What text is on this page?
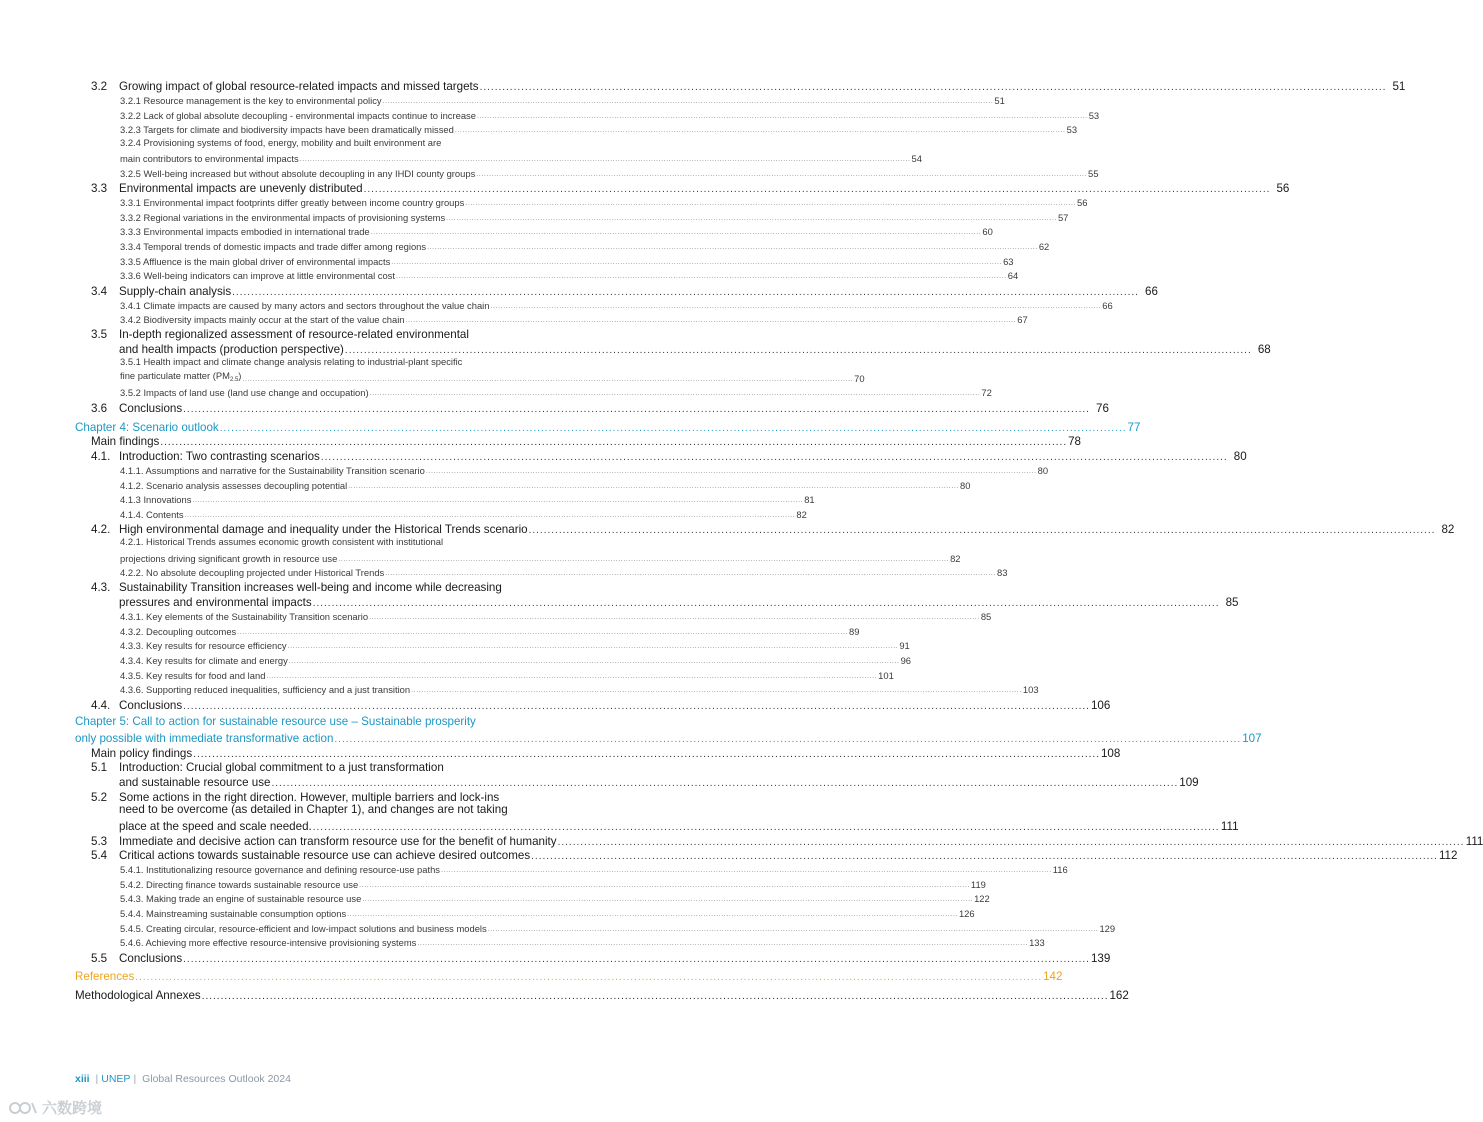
3.2	Growing impact of global resource-related impacts and missed targets .....	51
3.2.1 Resource management is the key to environmental policy .....	51
3.2.2 Lack of global absolute decoupling - environmental impacts continue to increase .....	53
3.2.3 Targets for climate and biodiversity impacts have been dramatically missed .....	53
3.2.4 Provisioning systems of food, energy, mobility and built environment are
main contributors to environmental impacts .....	54
3.2.5 Well-being increased but without absolute decoupling in any IHDI county groups .....	55
3.3	Environmental impacts are unevenly distributed .....	56
3.3.1 Environmental impact footprints differ greatly between income country groups .....	56
3.3.2 Regional variations in the environmental impacts of provisioning systems .....	57
3.3.3 Environmental impacts embodied in international trade .....	60
3.3.4 Temporal trends of domestic impacts and trade differ among regions .....	62
3.3.5 Affluence is the main global driver of environmental impacts .....	63
3.3.6 Well-being indicators can improve at little environmental cost .....	64
3.4	Supply-chain analysis .....	66
3.4.1 Climate impacts are caused by many actors and sectors throughout the value chain .....	66
3.4.2 Biodiversity impacts mainly occur at the start of the value chain .....	67
3.5	In-depth regionalized assessment of resource-related environmental
and health impacts (production perspective) .....	68
3.5.1 Health impact and climate change analysis relating to industrial-plant specific
fine particulate matter $(PM_{2.5})$ .....	70
3.5.2 Impacts of land use (land use change and occupation) .....	72
3.6	Conclusions .....	76
Chapter 4: Scenario outlook .....	77
Main findings .....	78
4.1. Introduction: Two contrasting scenarios .....	80
4.1.1. Assumptions and narrative for the Sustainability Transition scenario .....	80
4.1.2. Scenario analysis assesses decoupling potential .....	80
4.1.3 Innovations .....	81
4.1.4. Contents .....	82
4.2. High environmental damage and inequality under the Historical Trends scenario .....	82
4.2.1. Historical Trends assumes economic growth consistent with institutional
projections driving significant growth in resource use .....	82
4.2.2. No absolute decoupling projected under Historical Trends .....	83
4.3. Sustainability Transition increases well-being and income while decreasing
pressures and environmental impacts .....	85
4.3.1. Key elements of the Sustainability Transition scenario .....	85
4.3.2. Decoupling outcomes .....	89
4.3.3. Key results for resource efficiency .....	91
4.3.4. Key results for climate and energy .....	96
4.3.5. Key results for food and land .....	101
4.3.6. Supporting reduced inequalities, sufficiency and a just transition .....	103
4.4. Conclusions .....	106
Chapter 5: Call to action for sustainable resource use – Sustainable prosperity
only possible with immediate transformative action .....	107
Main policy findings .....	108
5.1	Introduction: Crucial global commitment to a just transformation
and sustainable resource use .....	109
5.2	Some actions in the right direction. However, multiple barriers and lock-ins
need to be overcome (as detailed in Chapter 1), and changes are not taking
place at the speed and scale needed. .....	111
5.3	Immediate and decisive action can transform resource use for the benefit of humanity .....	111
5.4	Critical actions towards sustainable resource use can achieve desired outcomes .....	112
5.4.1. Institutionalizing resource governance and defining resource-use paths .....	116
5.4.2. Directing finance towards sustainable resource use .....	119
5.4.3. Making trade an engine of sustainable resource use .....	122
5.4.4. Mainstreaming sustainable consumption options .....	126
5.4.5. Creating circular, resource-efficient and low-impact solutions and business models .....	129
5.4.6. Achieving more effective resource-intensive provisioning systems .....	133
5.5	Conclusions .....	139
References .....	142
Methodological Annexes .....	162
xiii | UNEP | Global Resources Outlook 2024
六数跨境
